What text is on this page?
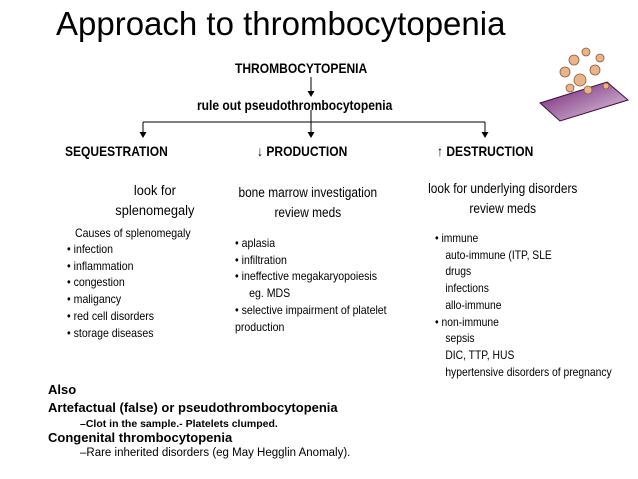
Approach to thrombocytopenia
THROMBOCYTOPENIA
rule out pseudothrombocytopenia
SEQUESTRATION	↓ PRODUCTION	↑ DESTRUCTION
look for
splenomegaly
Causes of splenomegaly
• infection
• inflammation
• congestion
• maligancy
• red cell disorders
• storage diseases
bone marrow investigation
review meds
• aplasia
• infiltration
• ineffective megakaryopoiesis
eg. MDS
• selective impairment of platelet
production
look for underlying disorders
review meds
• immune
auto-immune (ITP, SLE
drugs
infections
allo-immune
• non-immune
sepsis
DIC, TTP, HUS
hypertensive disorders of pregnancy
Also
Artefactual (false) or pseudothrombocytopenia
–Clot in the sample.- Platelets clumped.
Congenital thrombocytopenia
–Rare inherited disorders (eg May Hegglin Anomaly).
